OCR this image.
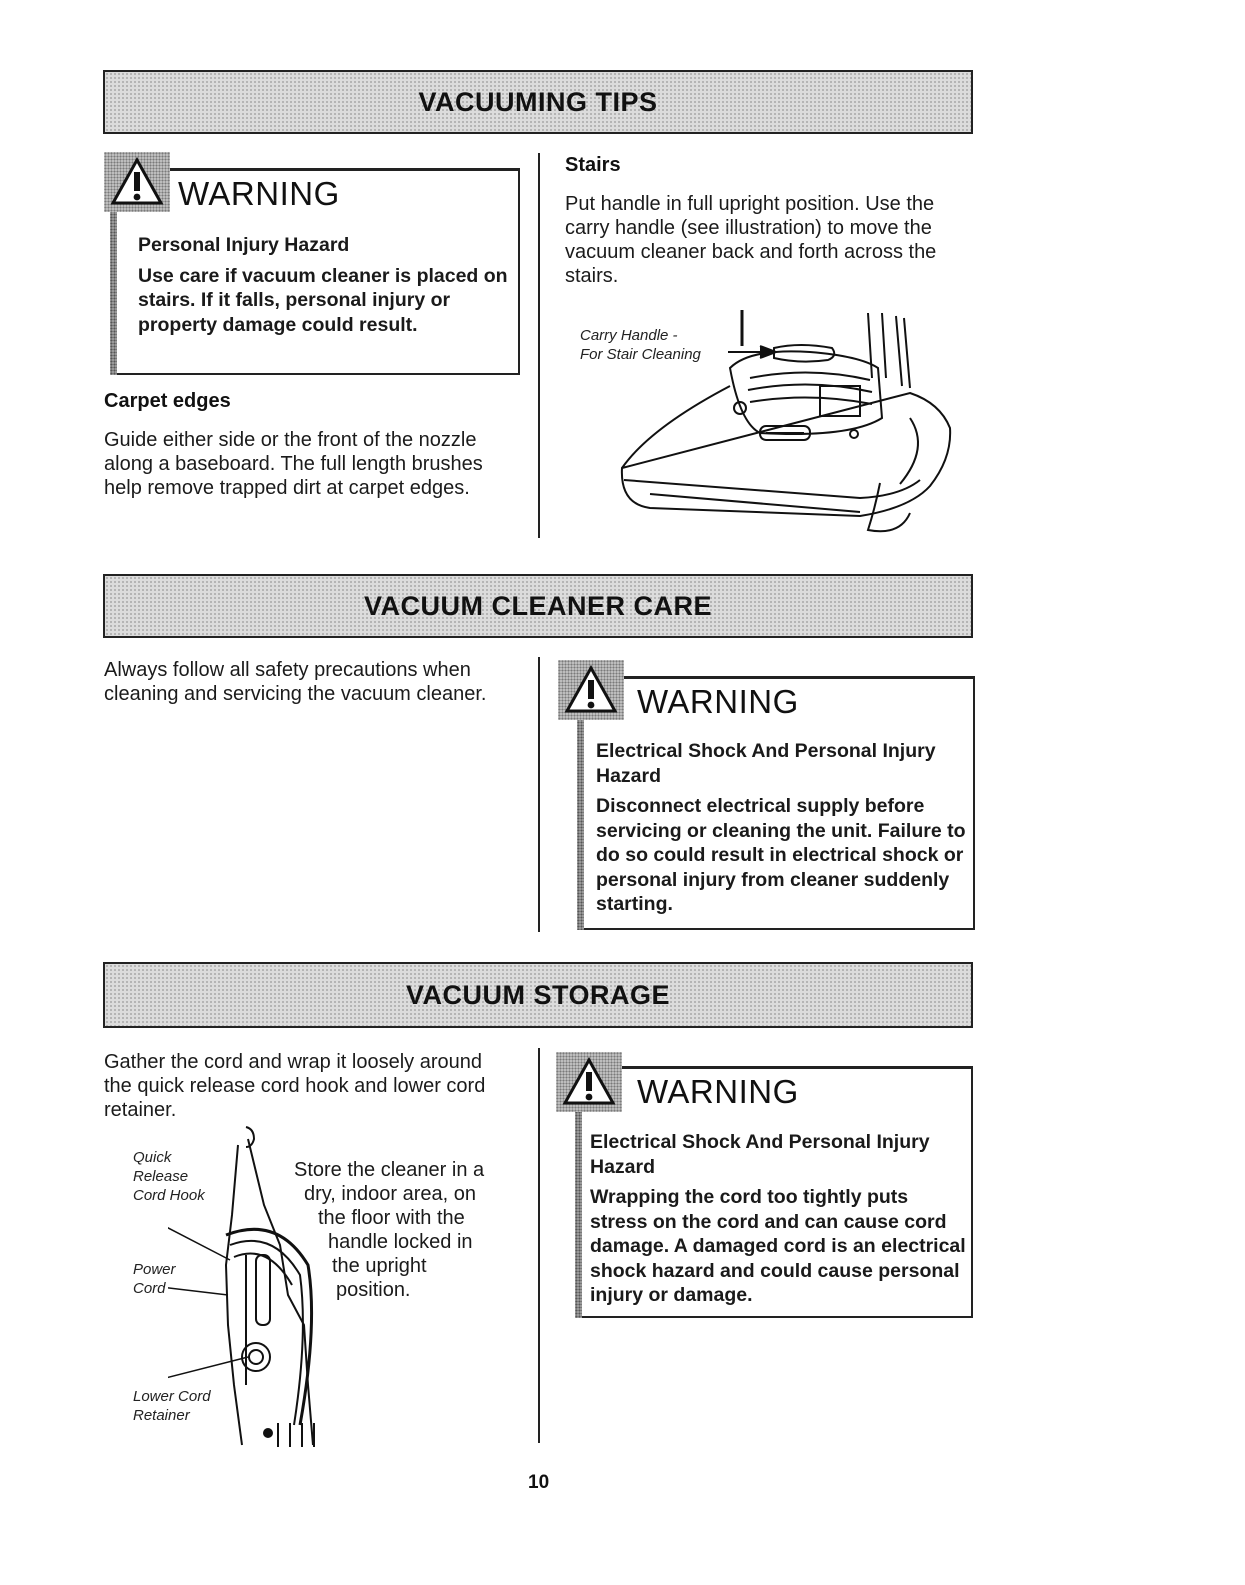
VACUUMING TIPS
WARNING

Personal Injury Hazard

Use care if vacuum cleaner is placed on stairs. If it falls, personal injury or property damage could result.

Carpet edges
Guide either side or the front of the nozzle along a baseboard. The full length brushes help remove trapped dirt at carpet edges.
Stairs
Put handle in full upright position. Use the carry handle (see illustration) to move the vacuum cleaner back and forth across the stairs.
Carry Handle -
For Stair Cleaning
VACUUM CLEANER CARE
Always follow all safety precautions when cleaning and servicing the vacuum cleaner.	WARNING

Electrical Shock And Personal Injury Hazard

Disconnect electrical supply before servicing or cleaning the unit. Failure to do so could result in electrical shock or personal injury from cleaner suddenly starting.

VACUUM STORAGE
Gather the cord and wrap it loosely around the quick release cord hook and lower cord retainer.
Quick
Release
Cord Hook
Power
Cord
Lower Cord
Retainer
Store the cleaner in a
dry, indoor area, on
the floor with the
handle locked in
the upright
position.
WARNING

Electrical Shock And Personal Injury Hazard

Wrapping the cord too tightly puts stress on the cord and can cause cord damage. A damaged cord is an electrical shock hazard and could cause personal injury or damage.

10
